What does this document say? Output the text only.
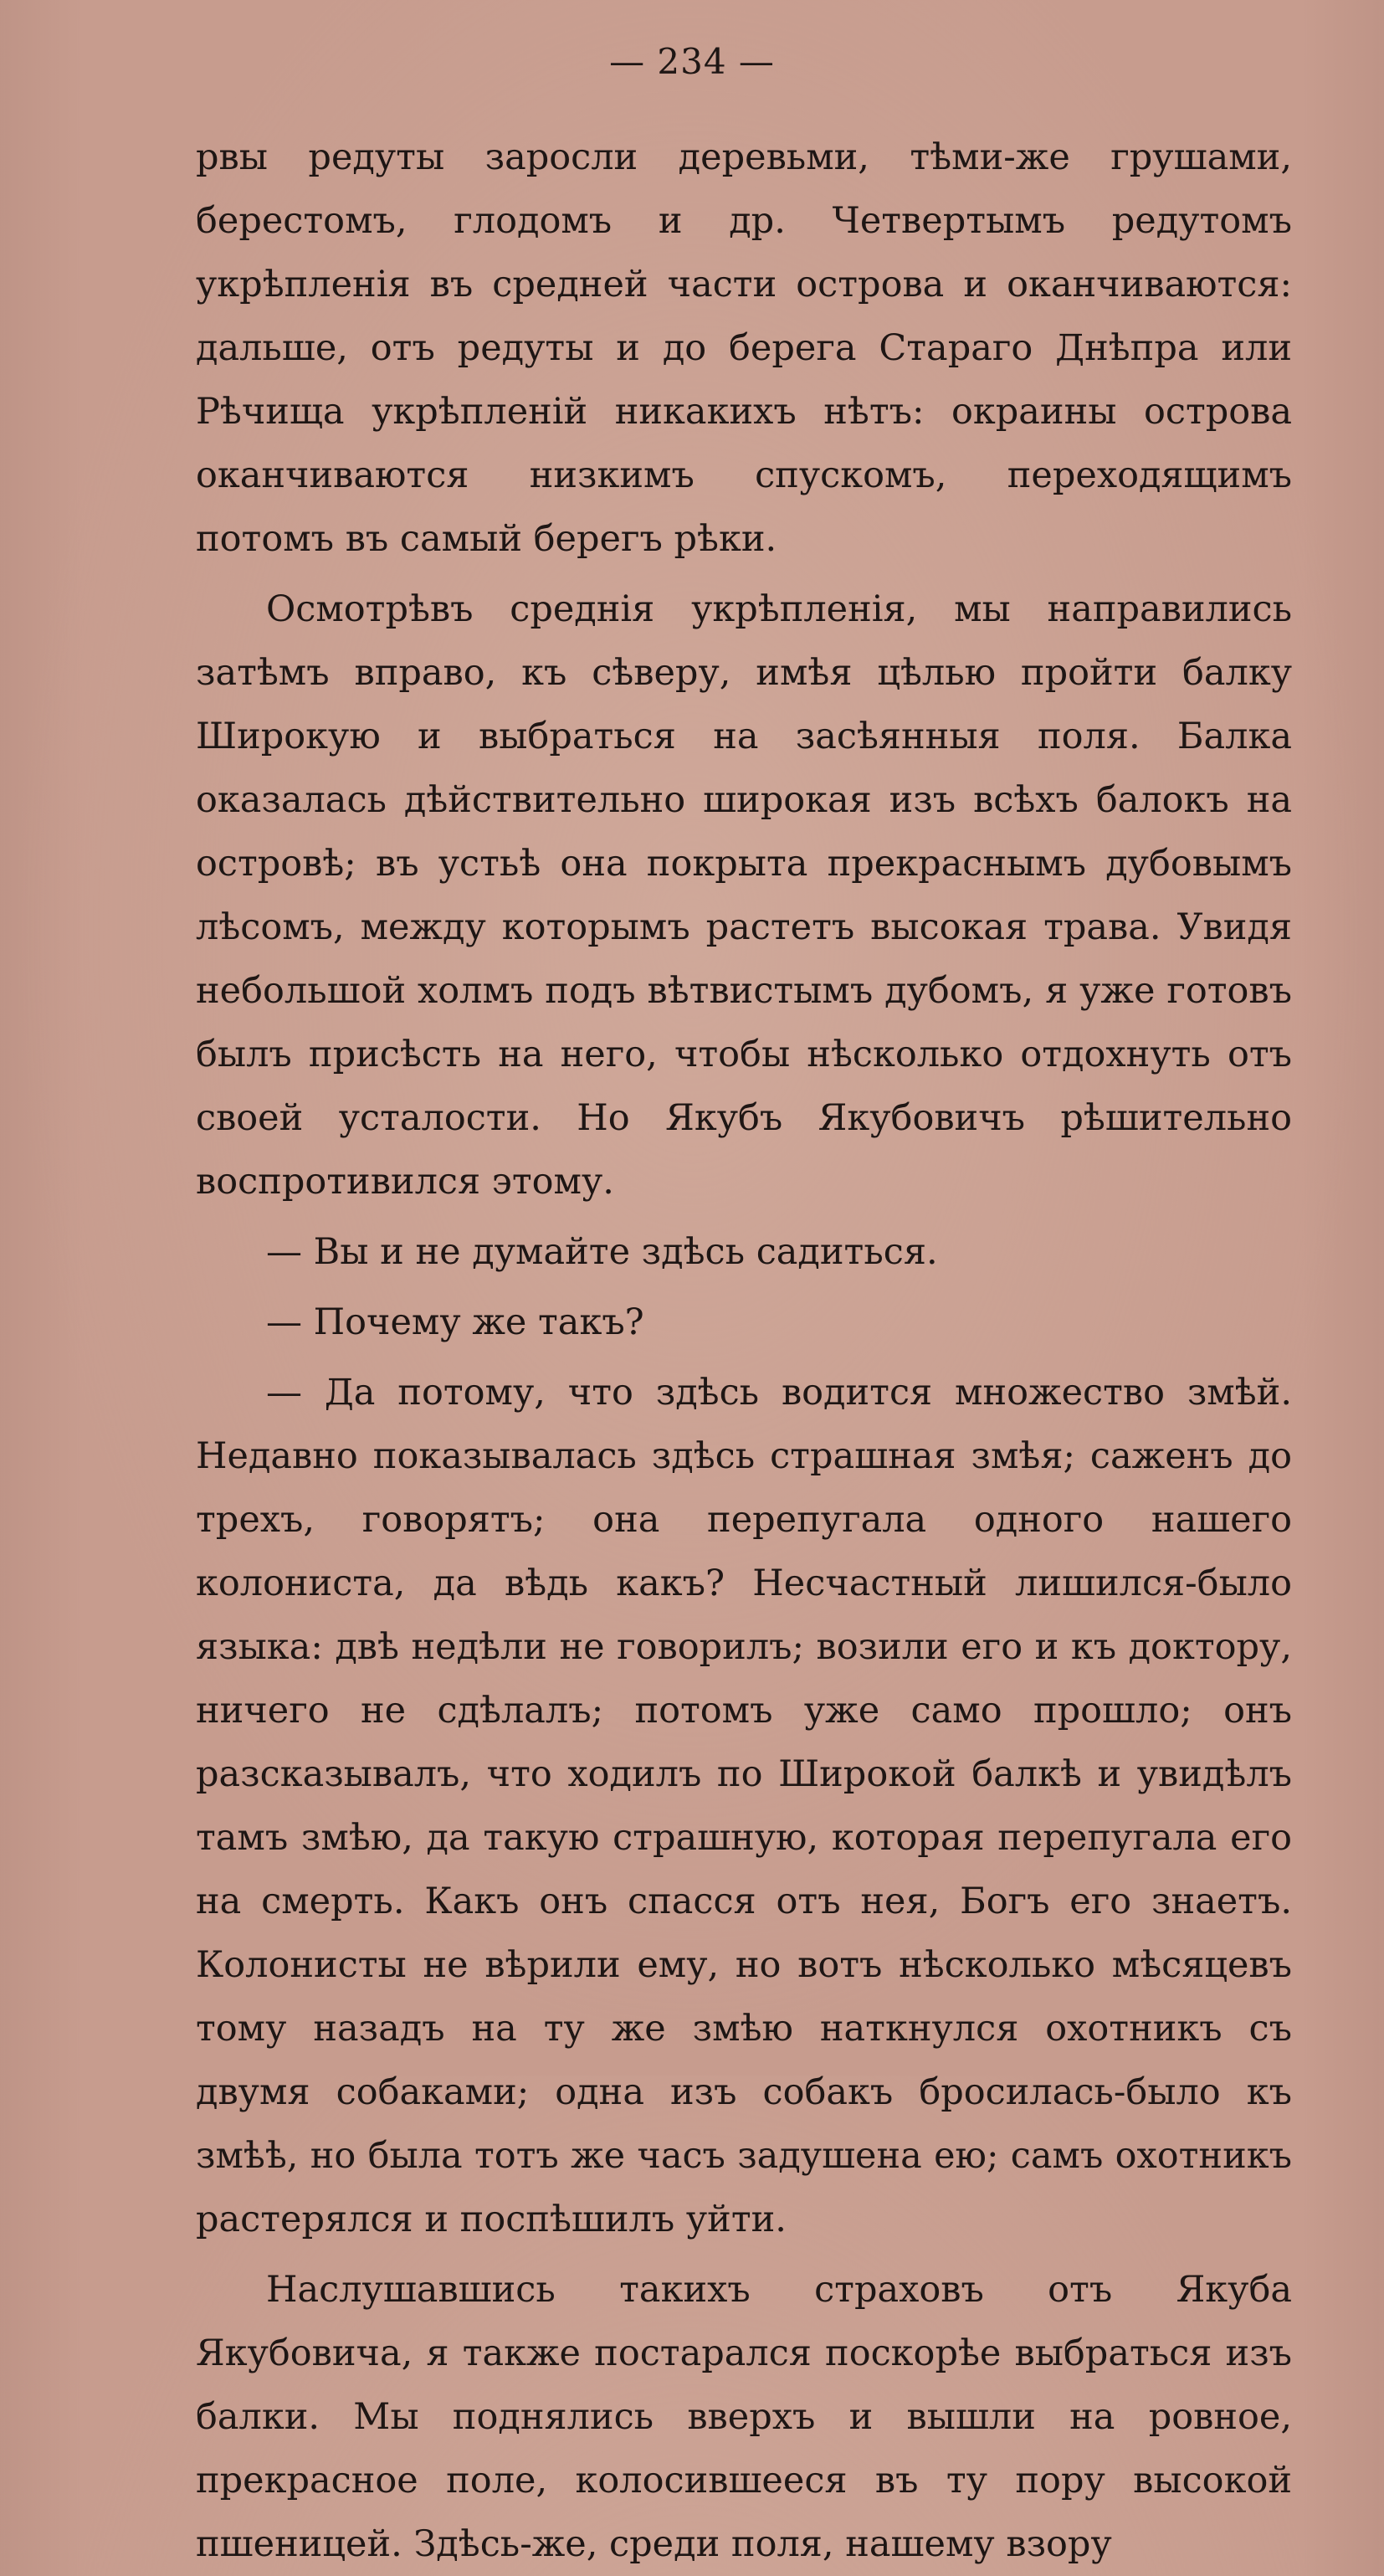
— 234 —

рвы редуты заросли деревьми, тѣми-же грушами, берестомъ, глодомъ и др. Четвертымъ редутомъ укрѣпленія въ средней части острова и оканчиваются: дальше, отъ редуты и до берега Стараго Днѣпра или Рѣчища укрѣпленій никакихъ нѣтъ: окраины острова оканчиваются низкимъ спускомъ, переходящимъ потомъ въ самый берегъ рѣки.

Осмотрѣвъ среднія укрѣпленія, мы направились затѣмъ вправо, къ сѣверу, имѣя цѣлью пройти балку Широкую и выбраться на засѣянныя поля. Балка оказалась дѣйствительно широкая изъ всѣхъ балокъ на островѣ; въ устьѣ она покрыта прекраснымъ дубовымъ лѣсомъ, между которымъ растетъ высокая трава. Увидя небольшой холмъ подъ вѣтвистымъ дубомъ, я уже готовъ былъ присѣсть на него, чтобы нѣсколько отдохнуть отъ своей усталости. Но Якубъ Якубовичъ рѣшительно воспротивился этому.

— Вы и не думайте здѣсь садиться.

— Почему же такъ?

— Да потому, что здѣсь водится множество змѣй. Недавно показывалась здѣсь страшная змѣя; саженъ до трехъ, говорятъ; она перепугала одного нашего колониста, да вѣдь какъ? Несчастный лишился-было языка: двѣ недѣли не говорилъ; возили его и къ доктору, ничего не сдѣлалъ; потомъ уже само прошло; онъ разсказывалъ, что ходилъ по Широкой балкѣ и увидѣлъ тамъ змѣю, да такую страшную, которая перепугала его на смерть. Какъ онъ спасся отъ нея, Богъ его знаетъ. Колонисты не вѣрили ему, но вотъ нѣсколько мѣсяцевъ тому назадъ на ту же змѣю наткнулся охотникъ съ двумя собаками; одна изъ собакъ бросилась-было къ змѣѣ, но была тотъ же часъ задушена ею; самъ охотникъ растерялся и поспѣшилъ уйти.

Наслушавшись такихъ страховъ отъ Якуба Якубовича, я также постарался поскорѣе выбраться изъ балки. Мы поднялись вверхъ и вышли на ровное, прекрасное поле, колосившееся въ ту пору высокой пшеницей. Здѣсь-же, среди поля, нашему взору
